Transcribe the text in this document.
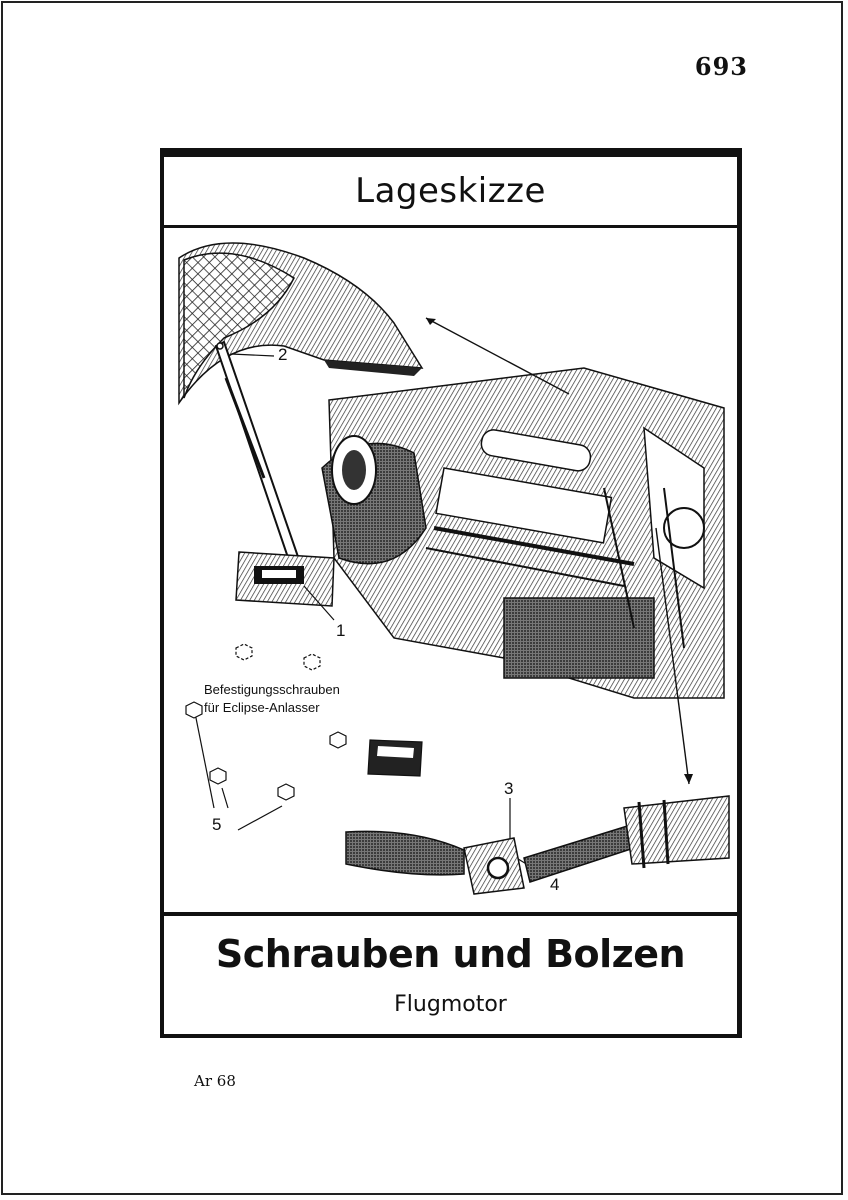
693
Lageskizze
2
1
3
4
5
Befestigungsschrauben
für Eclipse-Anlasser
Schrauben und Bolzen
Flugmotor
Ar 68
